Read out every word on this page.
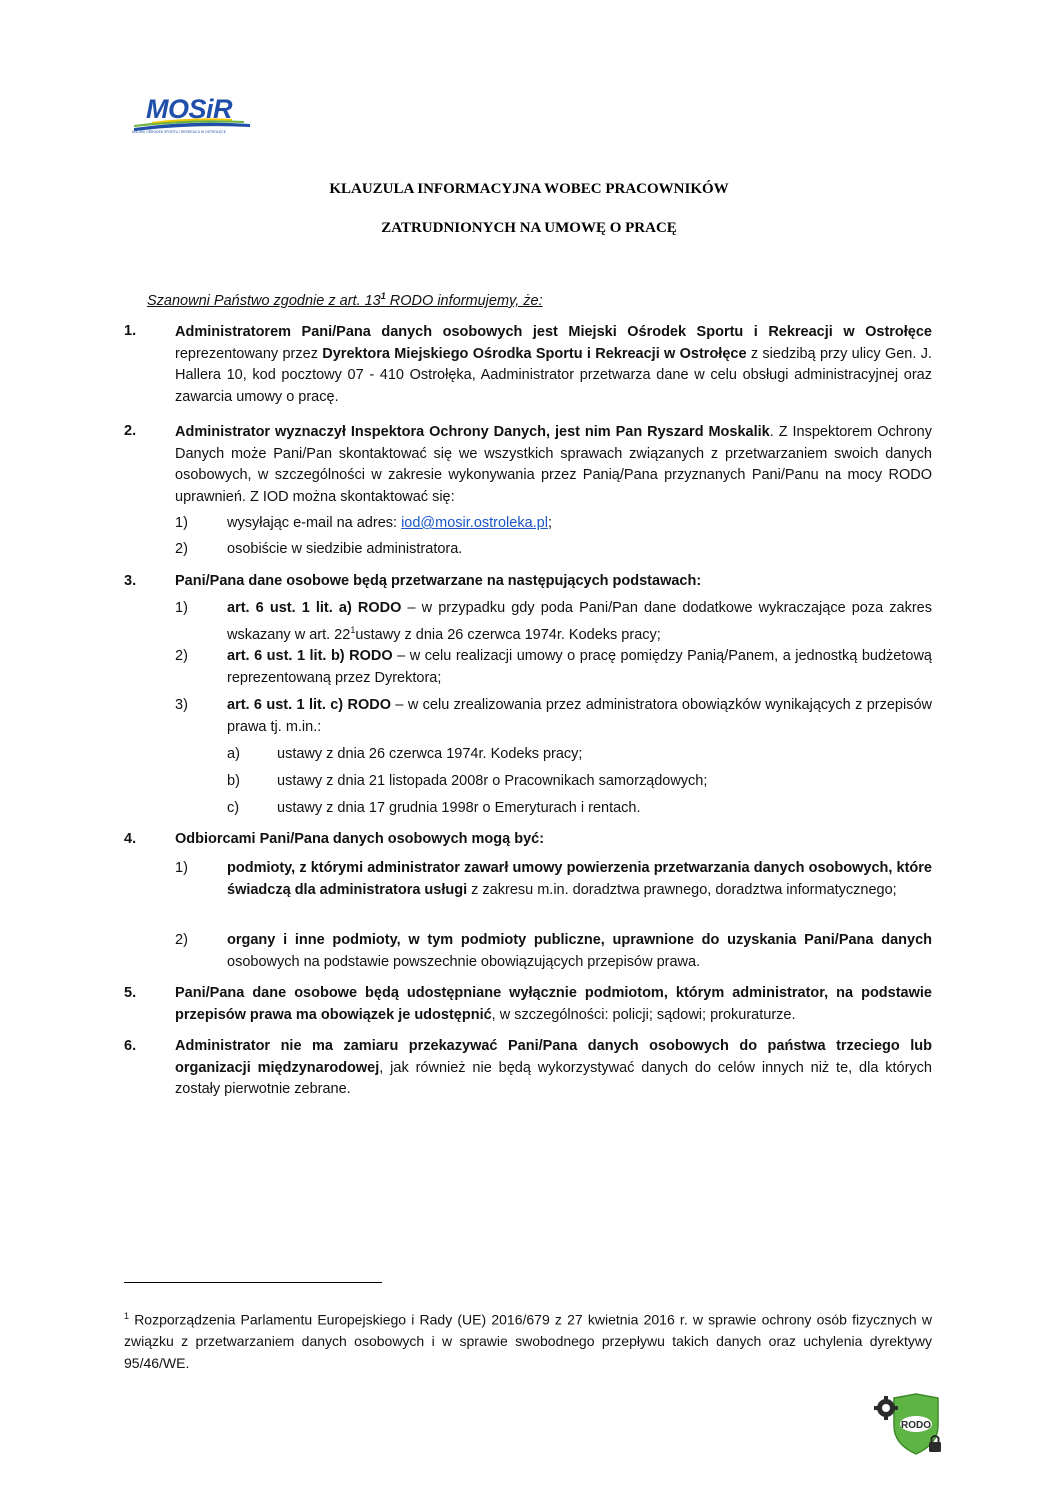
MOSiR
MIEJSKI OŚRODEK SPORTU I REKREACJI W OSTROŁĘCE
KLAUZULA INFORMACYJNA WOBEC PRACOWNIKÓW
ZATRUDNIONYCH NA UMOWĘ O PRACĘ
Szanowni Państwo zgodnie z art. $13^1$ RODO informujemy, że:
1.	Administratorem Pani/Pana danych osobowych jest Miejski Ośrodek Sportu i Rekreacji w Ostrołęce reprezentowany przez Dyrektora Miejskiego Ośrodka Sportu i Rekreacji w Ostrołęce z siedzibą przy ulicy Gen. J. Hallera 10, kod pocztowy 07 - 410 Ostrołęka, Aadministrator przetwarza dane w celu obsługi administracyjnej oraz zawarcia umowy o pracę.
2.	Administrator wyznaczył Inspektora Ochrony Danych, jest nim Pan Ryszard Moskalik. Z Inspektorem Ochrony Danych może Pani/Pan skontaktować się we wszystkich sprawach związanych z przetwarzaniem swoich danych osobowych, w szczególności w zakresie wykonywania przez Panią/Pana przyznanych Pani/Panu na mocy RODO uprawnień. Z IOD można skontaktować się:
1)	wysyłając e-mail na adres: iod@mosir.ostroleka.pl;
2)	osobiście w siedzibie administratora.
3.	Pani/Pana dane osobowe będą przetwarzane na następujących podstawach:
1)	art. 6 ust. 1 lit. a) RODO – w przypadku gdy poda Pani/Pan dane dodatkowe wykraczające poza zakres wskazany w art. $22^1ustawy$ z dnia 26 czerwca 1974r. Kodeks pracy;
2)	art. 6 ust. 1 lit. b) RODO – w celu realizacji umowy o pracę pomiędzy Panią/Panem, a jednostką budżetową reprezentowaną przez Dyrektora;
3)	art. 6 ust. 1 lit. c) RODO – w celu zrealizowania przez administratora obowiązków wynikających z przepisów prawa tj. m.in.:
a)	ustawy z dnia 26 czerwca 1974r. Kodeks pracy;
b)	ustawy z dnia 21 listopada 2008r o Pracownikach samorządowych;
c)	ustawy z dnia 17 grudnia 1998r o Emeryturach i rentach.
4.	Odbiorcami Pani/Pana danych osobowych mogą być:
1)	podmioty, z którymi administrator zawarł umowy powierzenia przetwarzania danych osobowych, które świadczą dla administratora usługi z zakresu m.in. doradztwa prawnego, doradztwa informatycznego;
2)	organy i inne podmioty, w tym podmioty publiczne, uprawnione do uzyskania Pani/Pana danych osobowych na podstawie powszechnie obowiązujących przepisów prawa.
5.	Pani/Pana dane osobowe będą udostępniane wyłącznie podmiotom, którym administrator, na podstawie przepisów prawa ma obowiązek je udostępnić, w szczególności: policji; sądowi; prokuraturze.
6.	Administrator nie ma zamiaru przekazywać Pani/Pana danych osobowych do państwa trzeciego lub organizacji międzynarodowej, jak również nie będą wykorzystywać danych do celów innych niż te, dla których zostały pierwotnie zebrane.
$^1$ Rozporządzenia Parlamentu Europejskiego i Rady (UE) 2016/679 z 27 kwietnia 2016 r. w sprawie ochrony osób fizycznych w związku z przetwarzaniem danych osobowych i w sprawie swobodnego przepływu takich danych oraz uchylenia dyrektywy 95/46/WE.
RODO
